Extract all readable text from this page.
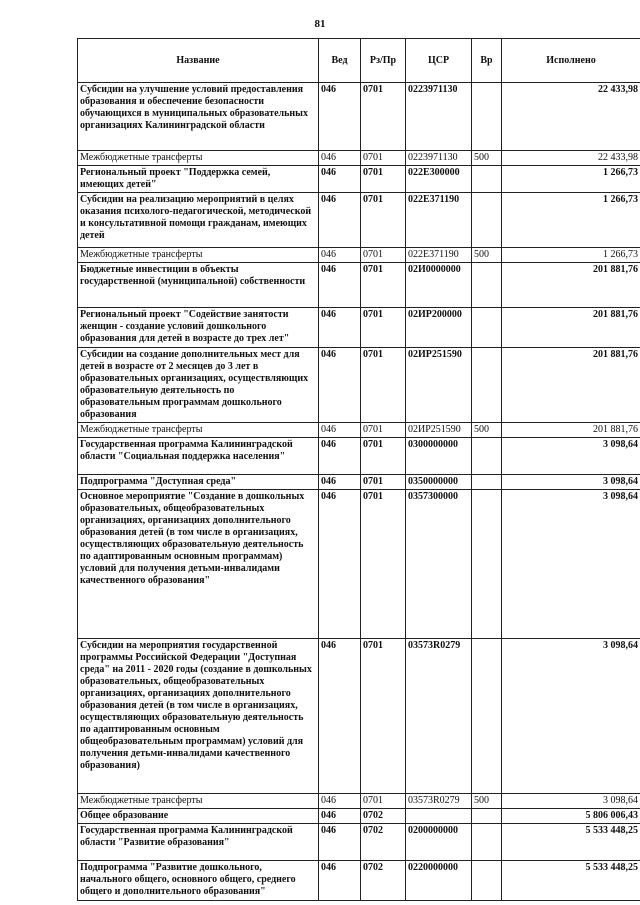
81
Название	Вед	Рз/Пр	ЦСР	Вр	Исполнено
Субсидии на улучшение условий предоставления образования и обеспечение безопасности обучающихся в муниципальных образовательных организациях Калининградской области	046	0701	0223971130		22 433,98
Межбюджетные трансферты	046	0701	0223971130	500	22 433,98
Региональный проект "Поддержка семей, имеющих детей"	046	0701	022Е300000		1 266,73
Субсидии на реализацию мероприятий в целях оказания психолого-педагогической, методической и консультативной помощи гражданам, имеющих детей	046	0701	022Е371190		1 266,73
Межбюджетные трансферты	046	0701	022Е371190	500	1 266,73
Бюджетные инвестиции в объекты государственной (муниципальной) собственности	046	0701	02И0000000		201 881,76
Региональный проект "Содействие занятости женщин - создание условий дошкольного образования для детей в возрасте до трех лет"	046	0701	02ИР200000		201 881,76
Субсидии на создание дополнительных мест для детей в возрасте от 2 месяцев до 3 лет в образовательных организациях, осуществляющих образовательную деятельность по образовательным программам дошкольного образования	046	0701	02ИР251590		201 881,76
Межбюджетные трансферты	046	0701	02ИР251590	500	201 881,76
Государственная программа Калининградской области "Социальная поддержка населения"	046	0701	0300000000		3 098,64
Подпрограмма "Доступная среда"	046	0701	0350000000		3 098,64
Основное мероприятие "Создание в дошкольных образовательных, общеобразовательных организациях, организациях дополнительного образования детей (в том числе в организациях, осуществляющих образовательную деятельность по адаптированным основным программам) условий для получения детьми-инвалидами качественного образования"	046	0701	0357300000		3 098,64
Субсидии на мероприятия государственной программы Российской Федерации "Доступная среда" на 2011 - 2020 годы (создание в дошкольных образовательных, общеобразовательных организациях, организациях дополнительного образования детей (в том числе в организациях, осуществляющих образовательную деятельность по адаптированным основным общеобразовательным программам) условий для получения детьми-инвалидами качественного образования)	046	0701	03573R0279		3 098,64
Межбюджетные трансферты	046	0701	03573R0279	500	3 098,64
Общее образование	046	0702			5 806 006,43
Государственная программа Калининградской области "Развитие образования"	046	0702	0200000000		5 533 448,25
Подпрограмма "Развитие дошкольного, начального общего, основного общего, среднего общего и дополнительного образования"	046	0702	0220000000		5 533 448,25
